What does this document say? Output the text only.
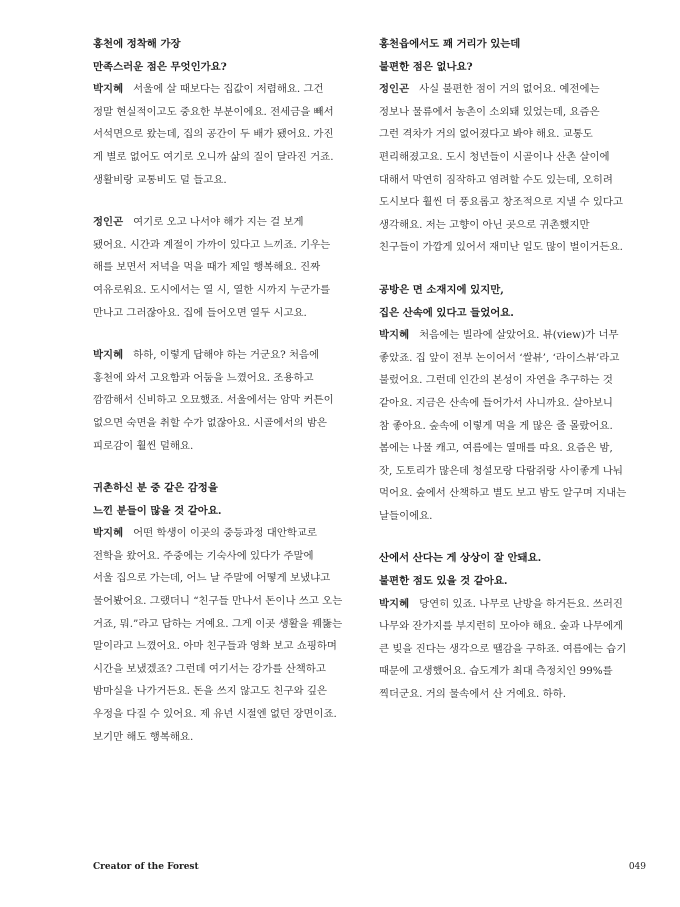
홍천에 정착해 가장
만족스러운 점은 무엇인가요?
박지혜 서울에 살 때보다는 집값이 저렴해요. 그건
정말 현실적이고도 중요한 부분이에요. 전세금을 빼서
서석면으로 왔는데, 집의 공간이 두 배가 됐어요. 가진
게 별로 없어도 여기로 오니까 삶의 질이 달라진 거죠.
생활비랑 교통비도 덜 들고요.
정인곤 여기로 오고 나서야 해가 지는 걸 보게
됐어요. 시간과 계절이 가까이 있다고 느끼죠. 기우는
해를 보면서 저녁을 먹을 때가 제일 행복해요. 진짜
여유로워요. 도시에서는 열 시, 열한 시까지 누군가를
만나고 그러잖아요. 집에 들어오면 열두 시고요.
박지혜 하하, 이렇게 답해야 하는 거군요? 처음에
홍천에 와서 고요함과 어둠을 느꼈어요. 조용하고
깜깜해서 신비하고 오묘했죠. 서울에서는 암막 커튼이
없으면 숙면을 취할 수가 없잖아요. 시골에서의 밤은
피로감이 훨씬 덜해요.
귀촌하신 분 중 같은 감정을
느낀 분들이 많을 것 같아요.
박지혜 어떤 학생이 이곳의 중등과정 대안학교로
전학을 왔어요. 주중에는 기숙사에 있다가 주말에
서울 집으로 가는데, 어느 날 주말에 어떻게 보냈냐고
물어봤어요. 그랬더니 “친구들 만나서 돈이나 쓰고 오는
거죠, 뭐.”라고 답하는 거예요. 그게 이곳 생활을 꿰뚫는
말이라고 느꼈어요. 아마 친구들과 영화 보고 쇼핑하며
시간을 보냈겠죠? 그런데 여기서는 강가를 산책하고
밤마실을 나가거든요. 돈을 쓰지 않고도 친구와 깊은
우정을 다질 수 있어요. 제 유년 시절엔 없던 장면이죠.
보기만 해도 행복해요.
홍천읍에서도 꽤 거리가 있는데
불편한 점은 없나요?
정인곤 사실 불편한 점이 거의 없어요. 예전에는
정보나 물류에서 농촌이 소외돼 있었는데, 요즘은
그런 격차가 거의 없어졌다고 봐야 해요. 교통도
편리해졌고요. 도시 청년들이 시골이나 산촌 살이에
대해서 막연히 짐작하고 염려할 수도 있는데, 오히려
도시보다 훨씬 더 풍요롭고 창조적으로 지낼 수 있다고
생각해요. 저는 고향이 아닌 곳으로 귀촌했지만
친구들이 가깝게 있어서 재미난 일도 많이 벌이거든요.
공방은 면 소재지에 있지만,
집은 산속에 있다고 들었어요.
박지혜 처음에는 빌라에 살았어요. 뷰(view)가 너무
좋았죠. 집 앞이 전부 논이어서 ‘쌀뷰’, ‘라이스뷰’라고
불렀어요. 그런데 인간의 본성이 자연을 추구하는 것
같아요. 지금은 산속에 들어가서 사니까요. 살아보니
참 좋아요. 숲속에 이렇게 먹을 게 많은 줄 몰랐어요.
봄에는 나물 캐고, 여름에는 열매를 따요. 요즘은 밤,
잣, 도토리가 많은데 청설모랑 다람쥐랑 사이좋게 나눠
먹어요. 숲에서 산책하고 별도 보고 밤도 알구며 지내는
날들이에요.
산에서 산다는 게 상상이 잘 안돼요.
불편한 점도 있을 것 같아요.
박지혜 당연히 있죠. 나무로 난방을 하거든요. 쓰러진
나무와 잔가지를 부지런히 모아야 해요. 숲과 나무에게
큰 빚을 진다는 생각으로 땔감을 구하죠. 여름에는 습기
때문에 고생했어요. 습도계가 최대 측정치인 99%를
찍더군요. 거의 물속에서 산 거예요. 하하.
Creator of the Forest	049
